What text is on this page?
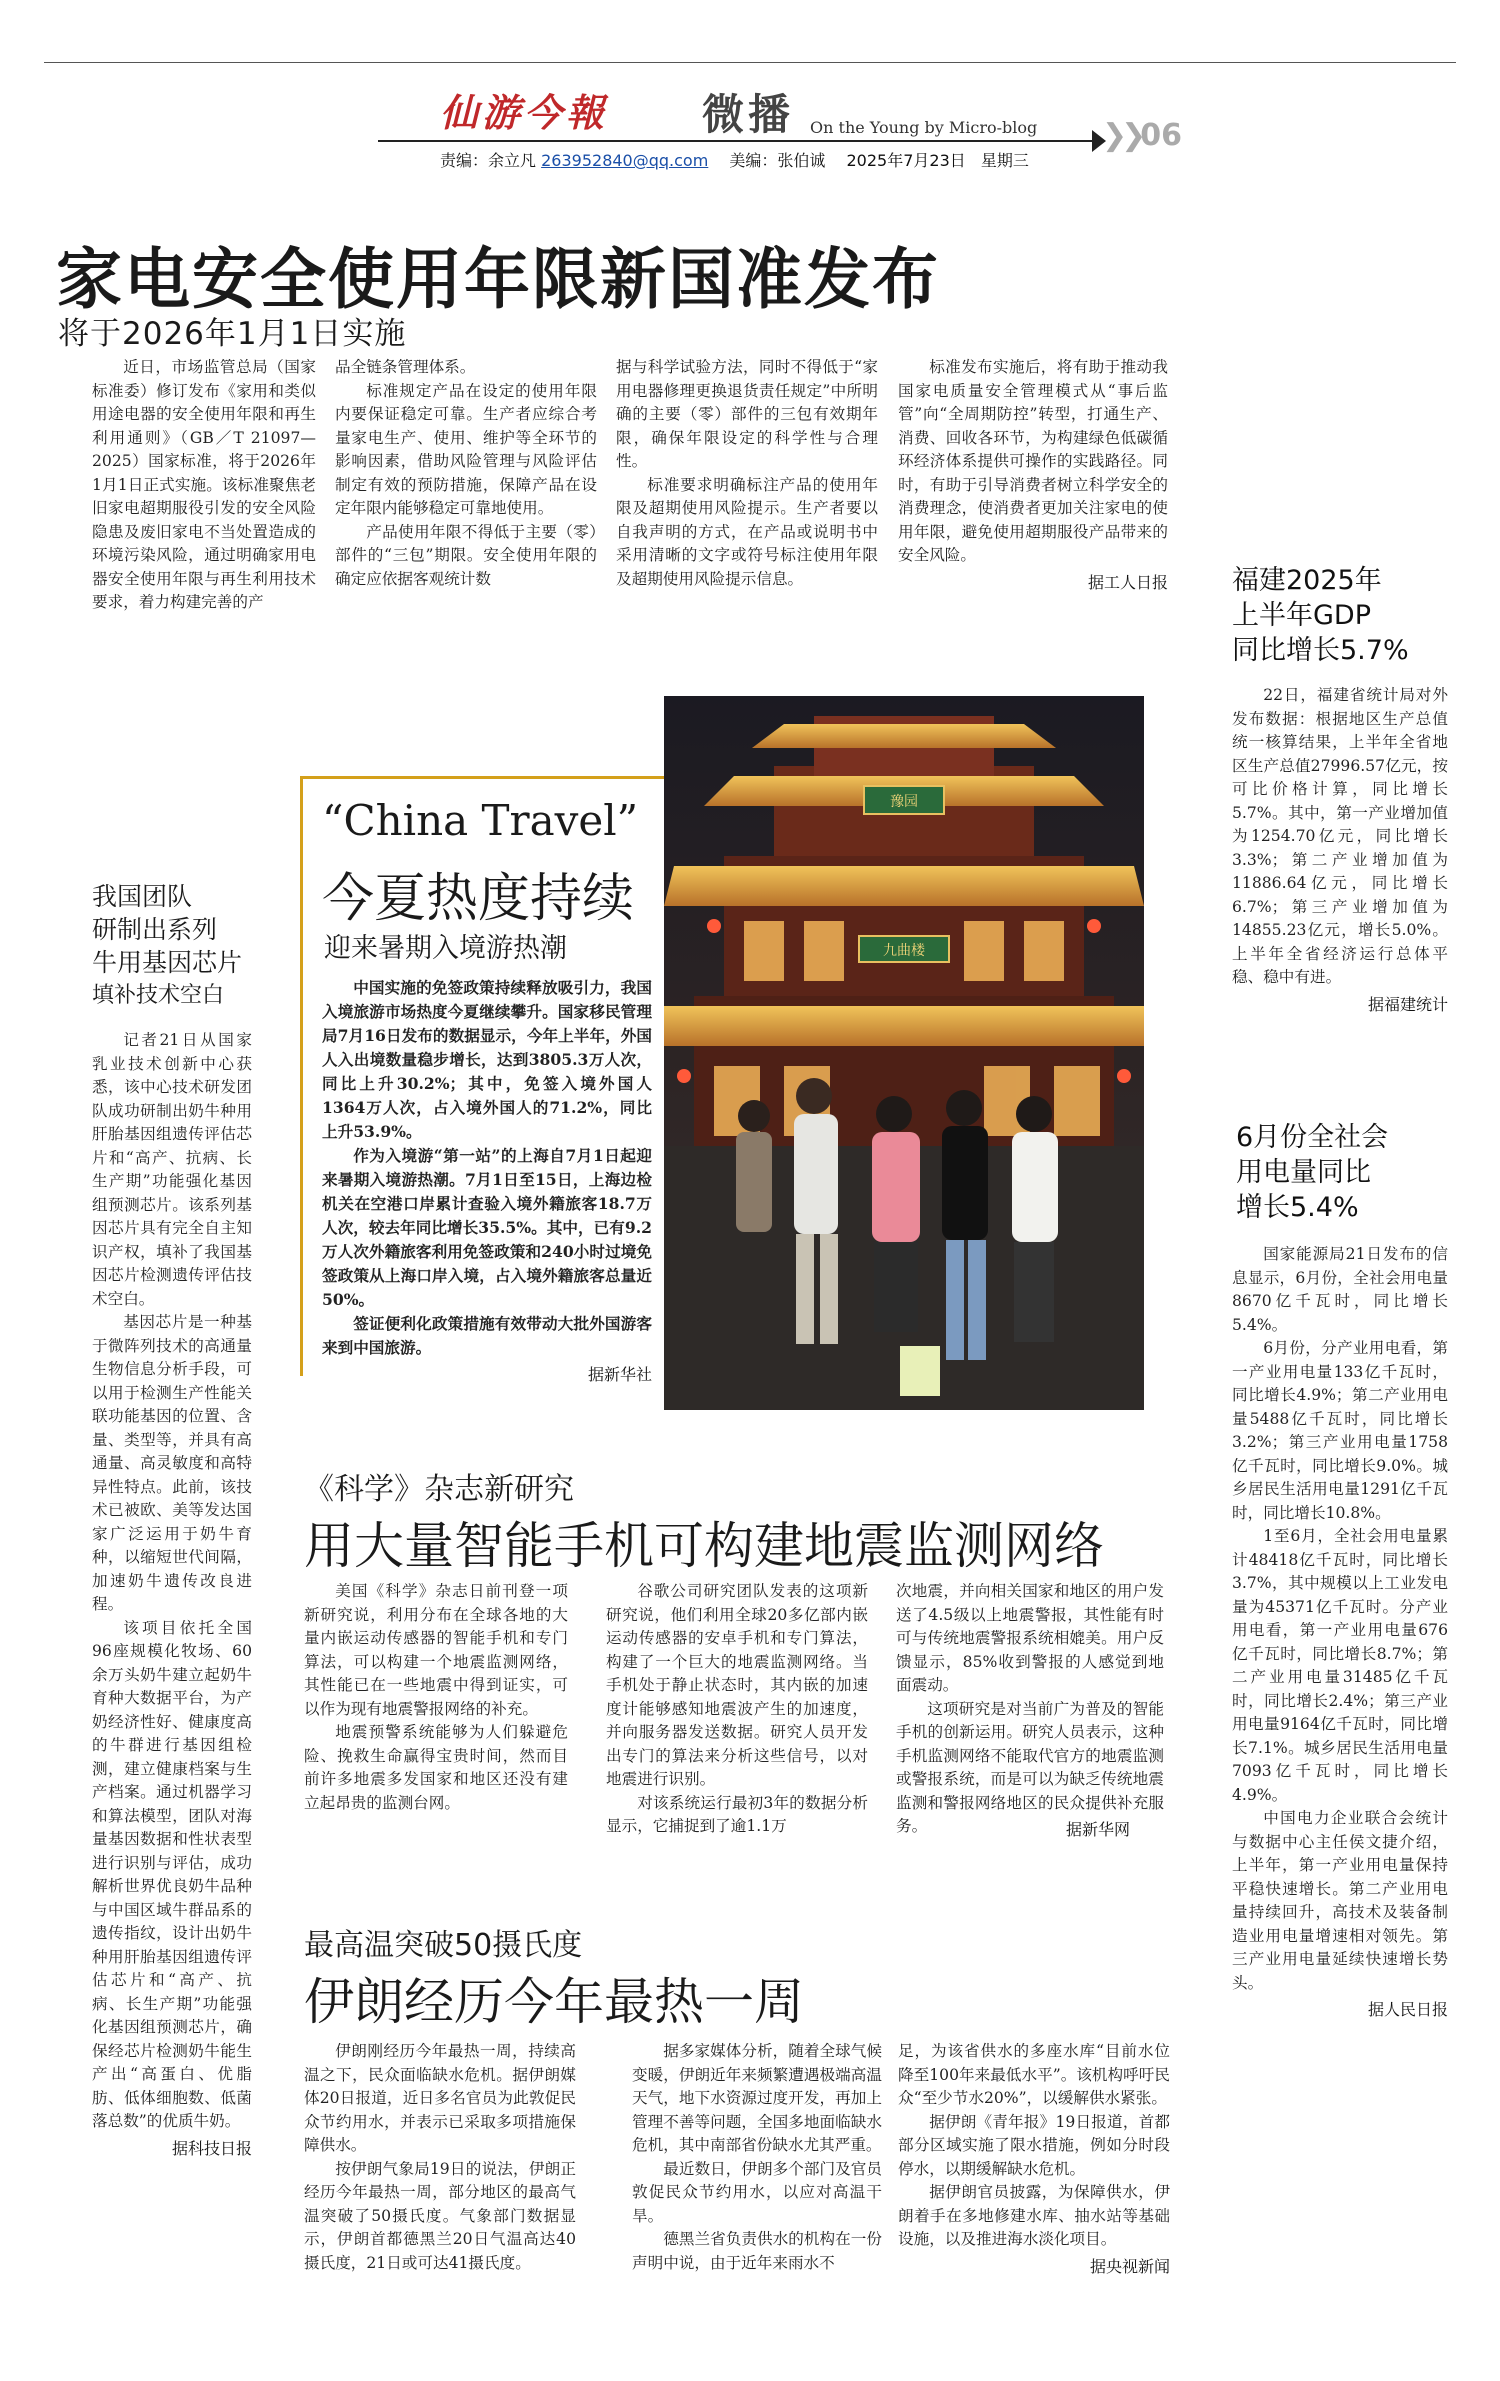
仙游今報 微播 On the Young by Micro-blog ❯❯06
责编：余立凡 263952840@qq.com 美编：张伯诚 2025年7月23日 星期三
家电安全使用年限新国准发布
将于2026年1月1日实施

近日，市场监管总局（国家标准委）修订发布《家用和类似用途电器的安全使用年限和再生利用通则》（GB／T 21097—2025）国家标准，将于2026年1月1日正式实施。该标准聚焦老旧家电超期服役引发的安全风险隐患及废旧家电不当处置造成的环境污染风险，通过明确家用电器安全使用年限与再生利用技术要求，着力构建完善的产

品全链条管理体系。

标准规定产品在设定的使用年限内要保证稳定可靠。生产者应综合考量家电生产、使用、维护等全环节的影响因素，借助风险管理与风险评估制定有效的预防措施，保障产品在设定年限内能够稳定可靠地使用。

产品使用年限不得低于主要（零）部件的“三包”期限。安全使用年限的确定应依据客观统计数

据与科学试验方法，同时不得低于“家用电器修理更换退货责任规定”中所明确的主要（零）部件的三包有效期年限，确保年限设定的科学性与合理性。

标准要求明确标注产品的使用年限及超期使用风险提示。生产者要以自我声明的方式，在产品或说明书中采用清晰的文字或符号标注使用年限及超期使用风险提示信息。

标准发布实施后，将有助于推动我国家电质量安全管理模式从“事后监管”向“全周期防控”转型，打通生产、消费、回收各环节，为构建绿色低碳循环经济体系提供可操作的实践路径。同时，有助于引导消费者树立科学安全的消费理念，使消费者更加关注家电的使用年限，避免使用超期服役产品带来的安全风险。

据工人日报 福建2025年
上半年GDP
同比增长5.7%

22日，福建省统计局对外发布数据：根据地区生产总值统一核算结果，上半年全省地区生产总值27996.57亿元，按可比价格计算，同比增长5.7%。其中，第一产业增加值为1254.70亿元，同比增长3.3%；第二产业增加值为11886.64亿元，同比增长6.7%；第三产业增加值为14855.23亿元，增长5.0%。上半年全省经济运行总体平稳、稳中有进。

据福建统计
6月份全社会
用电量同比
增长5.4%

国家能源局21日发布的信息显示，6月份，全社会用电量8670亿千瓦时，同比增长5.4%。

6月份，分产业用电看，第一产业用电量133亿千瓦时，同比增长4.9%；第二产业用电量5488亿千瓦时，同比增长3.2%；第三产业用电量1758亿千瓦时，同比增长9.0%。城乡居民生活用电量1291亿千瓦时，同比增长10.8%。

1至6月，全社会用电量累计48418亿千瓦时，同比增长3.7%，其中规模以上工业发电量为45371亿千瓦时。分产业用电看，第一产业用电量676亿千瓦时，同比增长8.7%；第二产业用电量31485亿千瓦时，同比增长2.4%；第三产业用电量9164亿千瓦时，同比增长7.1%。城乡居民生活用电量7093亿千瓦时，同比增长4.9%。

中国电力企业联合会统计与数据中心主任侯文捷介绍，上半年，第一产业用电量保持平稳快速增长。第二产业用电量持续回升，高技术及装备制造业用电量增速相对领先。第三产业用电量延续快速增长势头。

据人民日报
我国团队
研制出系列
牛用基因芯片
填补技术空白

记者21日从国家乳业技术创新中心获悉，该中心技术研发团队成功研制出奶牛种用肝胎基因组遗传评估芯片和“高产、抗病、长生产期”功能强化基因组预测芯片。该系列基因芯片具有完全自主知识产权，填补了我国基因芯片检测遗传评估技术空白。

基因芯片是一种基于微阵列技术的高通量生物信息分析手段，可以用于检测生产性能关联功能基因的位置、含量、类型等，并具有高通量、高灵敏度和高特异性特点。此前，该技术已被欧、美等发达国家广泛运用于奶牛育种，以缩短世代间隔，加速奶牛遗传改良进程。

该项目依托全国96座规模化牧场、60余万头奶牛建立起奶牛育种大数据平台，为产奶经济性好、健康度高的牛群进行基因组检测，建立健康档案与生产档案。通过机器学习和算法模型，团队对海量基因数据和性状表型进行识别与评估，成功解析世界优良奶牛品种与中国区域牛群品系的遗传指纹，设计出奶牛种用肝胎基因组遗传评估芯片和“高产、抗病、长生产期”功能强化基因组预测芯片，确保经芯片检测奶牛能生产出“高蛋白、优脂肪、低体细胞数、低菌落总数”的优质牛奶。

据科技日报
豫园
九曲楼
“China Travel”
今夏热度持续
迎来暑期入境游热潮

中国实施的免签政策持续释放吸引力，我国入境旅游市场热度今夏继续攀升。国家移民管理局7月16日发布的数据显示，今年上半年，外国人入出境数量稳步增长，达到3805.3万人次，同比上升30.2%；其中，免签入境外国人1364万人次，占入境外国人的71.2%，同比上升53.9%。

作为入境游“第一站”的上海自7月1日起迎来暑期入境游热潮。7月1日至15日，上海边检机关在空港口岸累计查验入境外籍旅客18.7万人次，较去年同比增长35.5%。其中，已有9.2万人次外籍旅客利用免签政策和240小时过境免签政策从上海口岸入境，占入境外籍旅客总量近50%。

签证便利化政策措施有效带动大批外国游客来到中国旅游。

据新华社
《科学》杂志新研究
用大量智能手机可构建地震监测网络

美国《科学》杂志日前刊登一项新研究说，利用分布在全球各地的大量内嵌运动传感器的智能手机和专门算法，可以构建一个地震监测网络，其性能已在一些地震中得到证实，可以作为现有地震警报网络的补充。

地震预警系统能够为人们躲避危险、挽救生命赢得宝贵时间，然而目前许多地震多发国家和地区还没有建立起昂贵的监测台网。

谷歌公司研究团队发表的这项新研究说，他们利用全球20多亿部内嵌运动传感器的安卓手机和专门算法，构建了一个巨大的地震监测网络。当手机处于静止状态时，其内嵌的加速度计能够感知地震波产生的加速度，并向服务器发送数据。研究人员开发出专门的算法来分析这些信号，以对地震进行识别。

对该系统运行最初3年的数据分析显示，它捕捉到了逾1.1万

次地震，并向相关国家和地区的用户发送了4.5级以上地震警报，其性能有时可与传统地震警报系统相媲美。用户反馈显示，85%收到警报的人感觉到地面震动。

这项研究是对当前广为普及的智能手机的创新运用。研究人员表示，这种手机监测网络不能取代官方的地震监测或警报系统，而是可以为缺乏传统地震监测和警报网络地区的民众提供补充服务。	据新华网
最高温突破50摄氏度
伊朗经历今年最热一周

伊朗刚经历今年最热一周，持续高温之下，民众面临缺水危机。据伊朗媒体20日报道，近日多名官员为此敦促民众节约用水，并表示已采取多项措施保障供水。

按伊朗气象局19日的说法，伊朗正经历今年最热一周，部分地区的最高气温突破了50摄氏度。气象部门数据显示，伊朗首都德黑兰20日气温高达40摄氏度，21日或可达41摄氏度。

据多家媒体分析，随着全球气候变暖，伊朗近年来频繁遭遇极端高温天气，地下水资源过度开发，再加上管理不善等问题，全国多地面临缺水危机，其中南部省份缺水尤其严重。

最近数日，伊朗多个部门及官员敦促民众节约用水，以应对高温干旱。

德黑兰省负责供水的机构在一份声明中说，由于近年来雨水不

足，为该省供水的多座水库“目前水位降至100年来最低水平”。该机构呼吁民众“至少节水20%”，以缓解供水紧张。

据伊朗《青年报》19日报道，首都部分区域实施了限水措施，例如分时段停水，以期缓解缺水危机。

据伊朗官员披露，为保障供水，伊朗着手在多地修建水库、抽水站等基础设施，以及推进海水淡化项目。

据央视新闻
